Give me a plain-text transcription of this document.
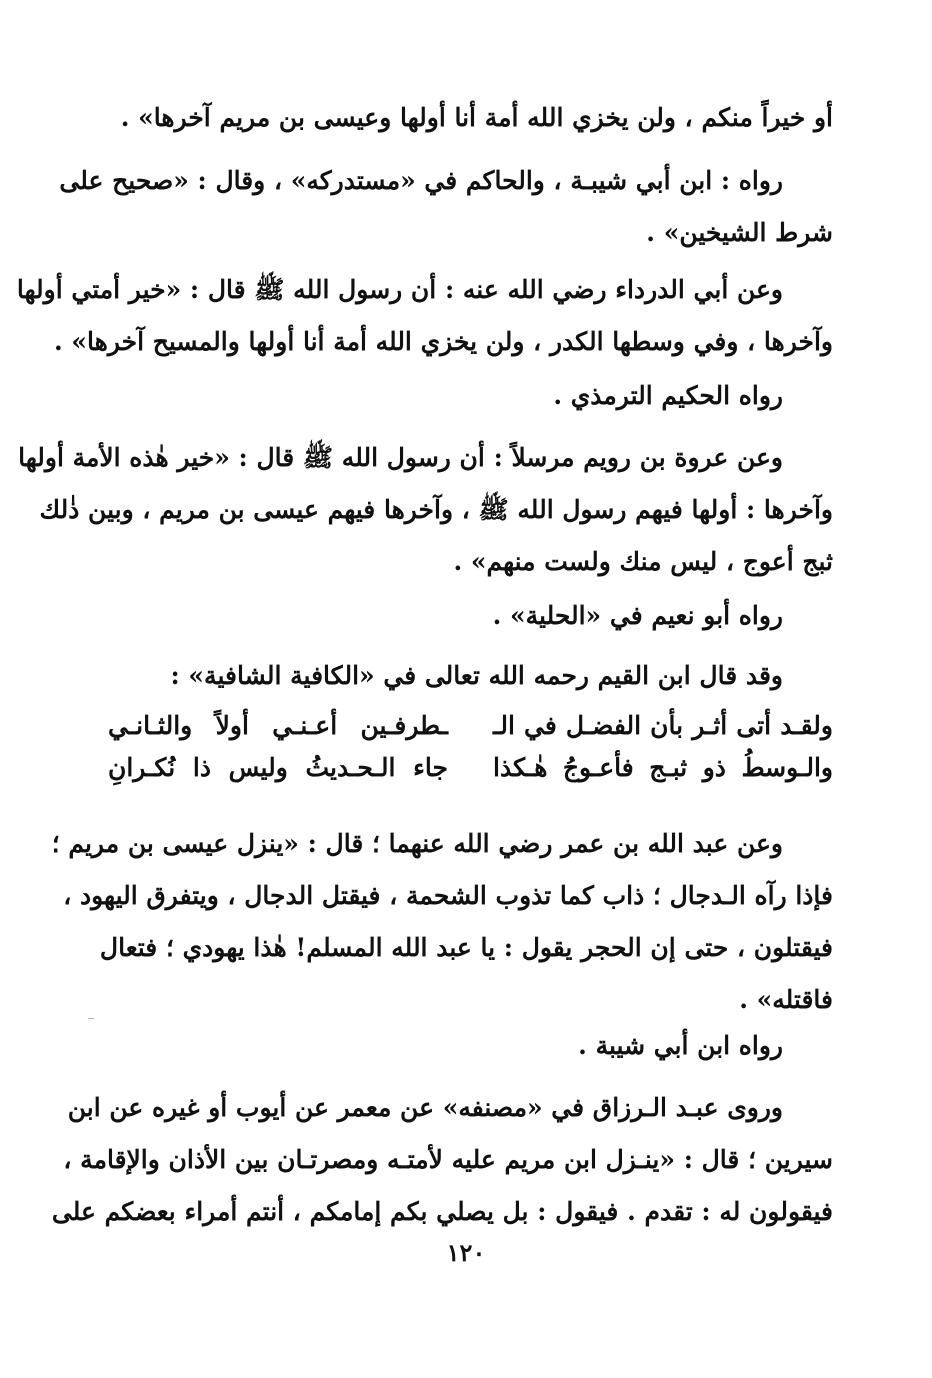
أو خيراً منكم ، ولن يخزي الله أمة أنا أولها وعيسى بن مريم آخرها» .
رواه : ابن أبي شيبـة ، والحاكم في «مستدركه» ، وقال : «صحيح على
شرط الشيخين» .
وعن أبي الدرداء رضي الله عنه : أن رسول الله ﷺ قال : «خير أمتي أولها
وآخرها ، وفي وسطها الكدر ، ولن يخزي الله أمة أنا أولها والمسيح آخرها» .
رواه الحكيم الترمذي .
وعن عروة بن رويم مرسلاً : أن رسول الله ﷺ قال : «خير هٰذه الأمة أولها
وآخرها : أولها فيهم رسول الله ﷺ ، وآخرها فيهم عيسى بن مريم ، وبين ذٰلك
ثبج أعوج ، ليس منك ولست منهم» .
رواه أبو نعيم في «الحلية» .
وقد قال ابن القيم رحمه الله تعالى في «الكافية الشافية» :
وعن عبد الله بن عمر رضي الله عنهما ؛ قال : «ينزل عيسى بن مريم ؛
فإذا رآه الـدجال ؛ ذاب كما تذوب الشحمة ، فيقتل الدجال ، ويتفرق اليهود ،
فيقتلون ، حتى إن الحجر يقول : يا عبد الله المسلم! هٰذا يهودي ؛ فتعال
فاقتله» .
رواه ابن أبي شيبة .
وروى عبـد الـرزاق في «مصنفه» عن معمر عن أيوب أو غيره عن ابن
سيرين ؛ قال : «ينـزل ابن مريم عليه لأمتـه ومصرتـان بين الأذان والإقامة ،
فيقولون له : تقدم . فيقول : بل يصلي بكم إمامكم ، أنتم أمراء بعضكم على
ولقـد أتى أثـر بأن الفضـل في الـ
ـطرفـين أعـنـي أولاً والثـانـي
والـوسطُ ذو ثبـج فأعـوجُ هٰـكذا
جاء الـحـديثُ وليس ذا نُكـرانِ
١٢٠
